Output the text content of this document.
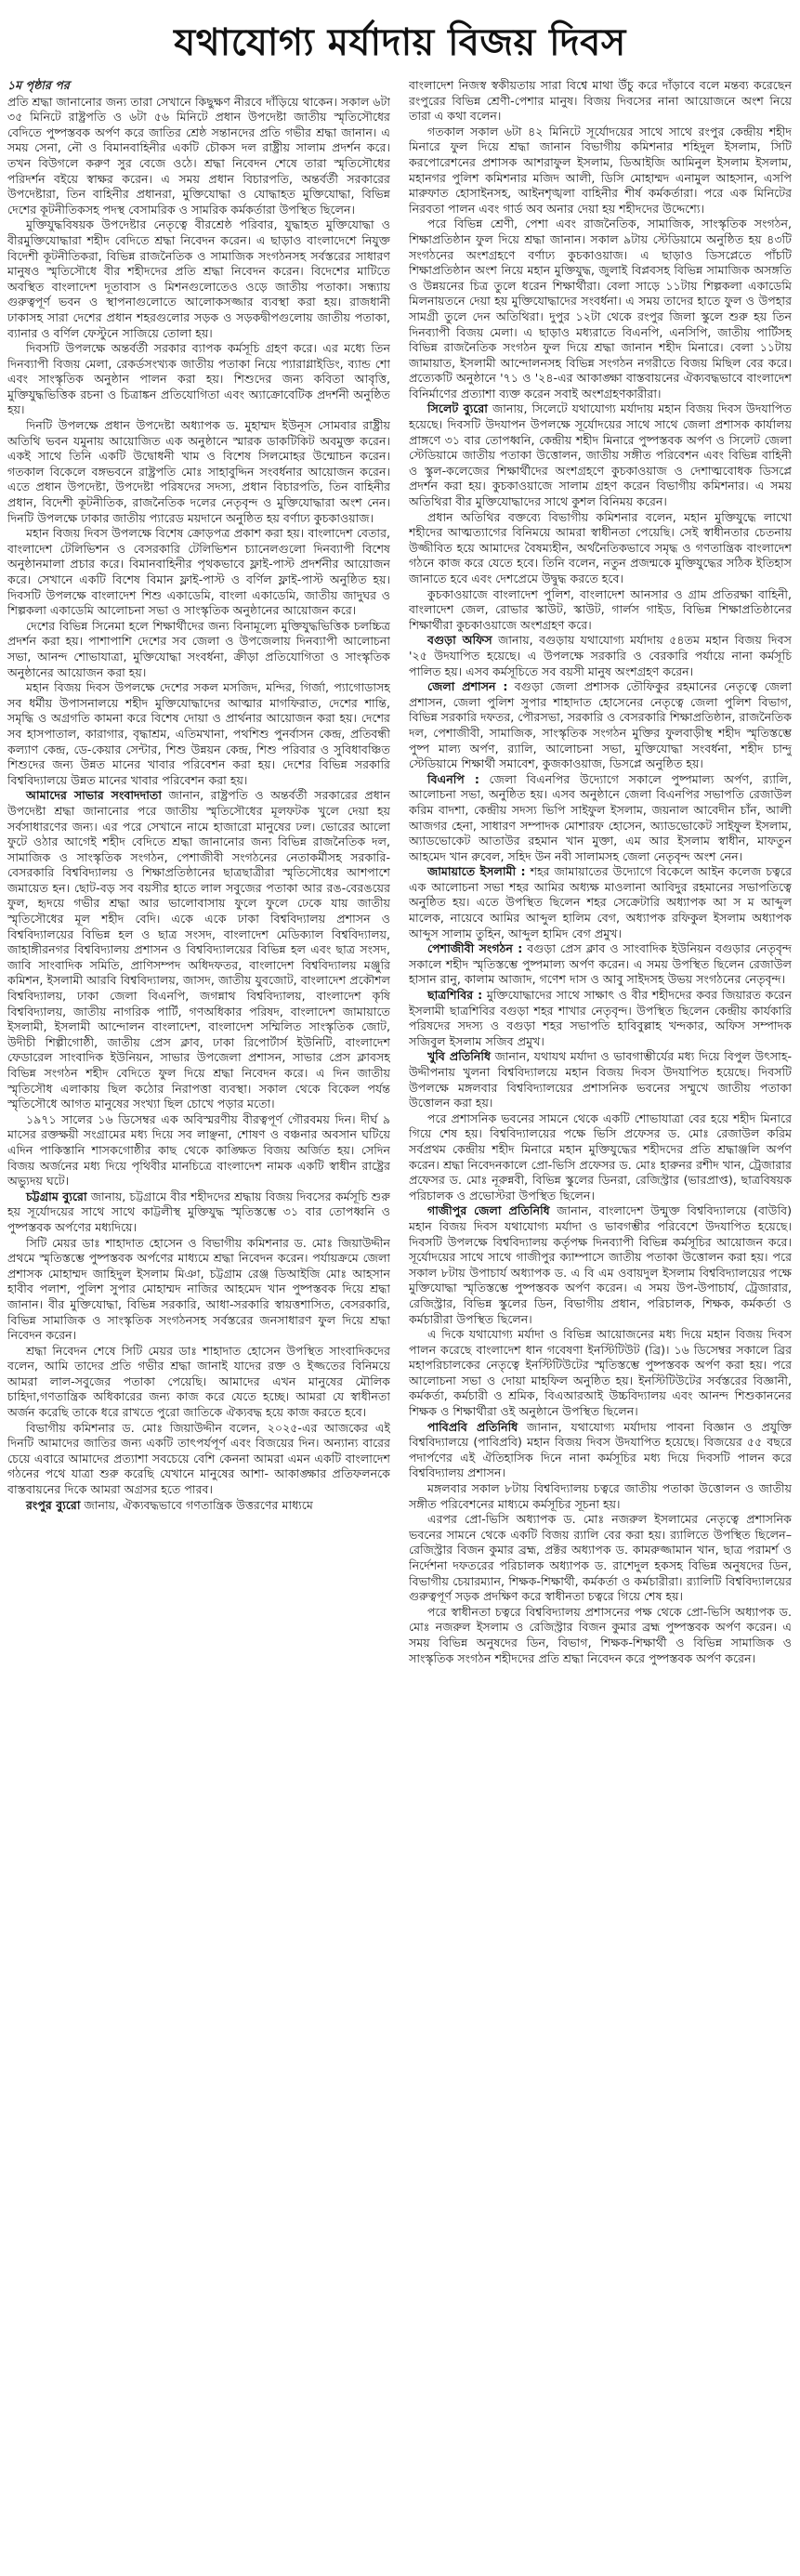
যথাযোগ্য মর্যাদায় বিজয় দিবস
১ম পৃষ্ঠার পর

প্রতি শ্রদ্ধা জানানোর জন্য তারা সেখানে কিছুক্ষণ নীরবে দাঁড়িয়ে থাকেন। সকাল ৬টা ৩৫ মিনিটে রাষ্ট্রপতি ও ৬টা ৫৬ মিনিটে প্রধান উপদেষ্টা জাতীয় স্মৃতিসৌধের বেদিতে পুষ্পস্তবক অর্পণ করে জাতির শ্রেষ্ঠ সন্তানদের প্রতি গভীর শ্রদ্ধা জানান। এ সময় সেনা, নৌ ও বিমানবাহিনীর একটি চৌকস দল রাষ্ট্রীয় সালাম প্রদর্শন করে। তখন বিউগলে করুণ সুর বেজে ওঠে। শ্রদ্ধা নিবেদন শেষে তারা স্মৃতিসৌধের পরিদর্শন বইয়ে স্বাক্ষর করেন। এ সময় প্রধান বিচারপতি, অন্তর্বর্তী সরকারের উপদেষ্টারা, তিন বাহিনীর প্রধানরা, মুক্তিযোদ্ধা ও যোদ্ধাহত মুক্তিযোদ্ধা, বিভিন্ন দেশের কূটনীতিকসহ পদস্থ বেসামরিক ও সামরিক কর্মকর্তারা উপস্থিত ছিলেন।

মুক্তিযুদ্ধবিষয়ক উপদেষ্টার নেতৃত্বে বীরশ্রেষ্ঠ পরিবার, যুদ্ধাহত মুক্তিযোদ্ধা ও বীরমুক্তিযোদ্ধারা শহীদ বেদিতে শ্রদ্ধা নিবেদন করেন। এ ছাড়াও বাংলাদেশে নিযুক্ত বিদেশী কূটনীতিকরা, বিভিন্ন রাজনৈতিক ও সামাজিক সংগঠনসহ সর্বস্তরের সাধারণ মানুষও স্মৃতিসৌধে বীর শহীদদের প্রতি শ্রদ্ধা নিবেদন করেন। বিদেশের মাটিতে অবস্থিত বাংলাদেশ দূতাবাস ও মিশনগুলোতেও ওড়ে জাতীয় পতাকা। সন্ধ্যায় গুরুত্বপূর্ণ ভবন ও স্থাপনাগুলোতে আলোকসজ্জার ব্যবস্থা করা হয়। রাজধানী ঢাকাসহ সারা দেশের প্রধান শহরগুলোর সড়ক ও সড়কদ্বীপগুলোয় জাতীয় পতাকা, ব্যানার ও বর্ণিল ফেস্টুনে সাজিয়ে তোলা হয়।

দিবসটি উপলক্ষে অন্তর্বর্তী সরকার ব্যাপক কর্মসূচি গ্রহণ করে। এর মধ্যে তিন দিনব্যাপী বিজয় মেলা, রেকর্ডসংখ্যক জাতীয় পতাকা নিয়ে প্যারাগ্লাইডিং, ব্যান্ড শো এবং সাংস্কৃতিক অনুষ্ঠান পালন করা হয়। শিশুদের জন্য কবিতা আবৃত্তি, মুক্তিযুদ্ধভিত্তিক রচনা ও চিত্রাঙ্কন প্রতিযোগিতা এবং অ্যাক্রোবেটিক প্রদর্শনী অনুষ্ঠিত হয়।

দিনটি উপলক্ষে প্রধান উপদেষ্টা অধ্যাপক ড. মুহাম্মদ ইউনূস সোমবার রাষ্ট্রীয় অতিথি ভবন যমুনায় আয়োজিত এক অনুষ্ঠানে স্মারক ডাকটিকিট অবমুক্ত করেন। একই সাথে তিনি একটি উদ্বোধনী খাম ও বিশেষ সিলমোহর উন্মোচন করেন। গতকাল বিকেলে বঙ্গভবনে রাষ্ট্রপতি মোঃ সাহাবুদ্দিন সংবর্ধনার আয়োজন করেন। এতে প্রধান উপদেষ্টা, উপদেষ্টা পরিষদের সদস্য, প্রধান বিচারপতি, তিন বাহিনীর প্রধান, বিদেশী কূটনীতিক, রাজনৈতিক দলের নেতৃবৃন্দ ও মুক্তিযোদ্ধারা অংশ নেন। দিনটি উপলক্ষে ঢাকার জাতীয় প্যারেড ময়দানে অনুষ্ঠিত হয় বর্ণাঢ্য কুচকাওয়াজ।

মহান বিজয় দিবস উপলক্ষে বিশেষ ক্রোড়পত্র প্রকাশ করা হয়। বাংলাদেশ বেতার, বাংলাদেশ টেলিভিশন ও বেসরকারি টেলিভিশন চ্যানেলগুলো দিনব্যাপী বিশেষ অনুষ্ঠানমালা প্রচার করে। বিমানবাহিনীর পৃথকভাবে ফ্লাই-পাস্ট প্রদর্শনীর আয়োজন করে। সেখানে একটি বিশেষ বিমান ফ্লাই-পাস্ট ও বর্ণিল ফ্লাই-পাস্ট অনুষ্ঠিত হয়। দিবসটি উপলক্ষে বাংলাদেশ শিশু একাডেমি, বাংলা একাডেমি, জাতীয় জাদুঘর ও শিল্পকলা একাডেমি আলোচনা সভা ও সাংস্কৃতিক অনুষ্ঠানের আয়োজন করে।

দেশের বিভিন্ন সিনেমা হলে শিক্ষার্থীদের জন্য বিনামূল্যে মুক্তিযুদ্ধভিত্তিক চলচ্চিত্র প্রদর্শন করা হয়। পাশাপাশি দেশের সব জেলা ও উপজেলায় দিনব্যাপী আলোচনা সভা, আনন্দ শোভাযাত্রা, মুক্তিযোদ্ধা সংবর্ধনা, ক্রীড়া প্রতিযোগিতা ও সাংস্কৃতিক অনুষ্ঠানের আয়োজন করা হয়।

মহান বিজয় দিবস উপলক্ষে দেশের সকল মসজিদ, মন্দির, গির্জা, প্যাগোডাসহ সব ধর্মীয় উপাসনালয়ে শহীদ মুক্তিযোদ্ধাদের আত্মার মাগফিরাত, দেশের শান্তি, সমৃদ্ধি ও অগ্রগতি কামনা করে বিশেষ দোয়া ও প্রার্থনার আয়োজন করা হয়। দেশের সব হাসপাতাল, কারাগার, বৃদ্ধাশ্রম, এতিমখানা, পথশিশু পুনর্বাসন কেন্দ্র, প্রতিবন্ধী কল্যাণ কেন্দ্র, ডে-কেয়ার সেন্টার, শিশু উন্নয়ন কেন্দ্র, শিশু পরিবার ও সুবিধাবঞ্চিত শিশুদের জন্য উন্নত মানের খাবার পরিবেশন করা হয়। দেশের বিভিন্ন সরকারি বিশ্ববিদ্যালয়ে উন্নত মানের খাবার পরিবেশন করা হয়।

আমাদের সাভার সংবাদদাতা জানান, রাষ্ট্রপতি ও অন্তর্বর্তী সরকারের প্রধান উপদেষ্টা শ্রদ্ধা জানানোর পরে জাতীয় স্মৃতিসৌধের মূলফটক খুলে দেয়া হয় সর্বসাধারণের জন্য। এর পরে সেখানে নামে হাজারো মানুষের ঢল। ভোরের আলো ফুটে ওঠার আগেই শহীদ বেদিতে শ্রদ্ধা জানানোর জন্য বিভিন্ন রাজনৈতিক দল, সামাজিক ও সাংস্কৃতিক সংগঠন, পেশাজীবী সংগঠনের নেতাকর্মীসহ সরকারি-বেসরকারি বিশ্ববিদ্যালয় ও শিক্ষাপ্রতিষ্ঠানের ছাত্রছাত্রীরা স্মৃতিসৌধের আশপাশে জমায়েত হন। ছোট-বড় সব বয়সীর হাতে লাল সবুজের পতাকা আর রঙ-বেরঙয়ের ফুল, হৃদয়ে গভীর শ্রদ্ধা আর ভালোবাসায় ফুলে ফুলে ঢেকে যায় জাতীয় স্মৃতিসৌধের মূল শহীদ বেদি। একে একে ঢাকা বিশ্ববিদ্যালয় প্রশাসন ও বিশ্ববিদ্যালয়ের বিভিন্ন হল ও ছাত্র সংসদ, বাংলাদেশ মেডিক্যাল বিশ্ববিদ্যালয়, জাহাঙ্গীরনগর বিশ্ববিদ্যালয় প্রশাসন ও বিশ্ববিদ্যালয়ের বিভিন্ন হল এবং ছাত্র সংসদ, জাবি সাংবাদিক সমিতি, প্রাণিসম্পদ অধিদফতর, বাংলাদেশ বিশ্ববিদ্যালয় মঞ্জুরি কমিশন, ইসলামী আরবি বিশ্ববিদ্যালয়, জাসদ, জাতীয় যুবজোট, বাংলাদেশ প্রকৌশল বিশ্ববিদ্যালয়, ঢাকা জেলা বিএনপি, জগন্নাথ বিশ্ববিদ্যালয়, বাংলাদেশ কৃষি বিশ্ববিদ্যালয়, জাতীয় নাগরিক পার্টি, গণঅধিকার পরিষদ, বাংলাদেশ জামায়াতে ইসলামী, ইসলামী আন্দোলন বাংলাদেশ, বাংলাদেশ সম্মিলিত সাংস্কৃতিক জোট, উদীচী শিল্পীগোষ্ঠী, জাতীয় প্রেস ক্লাব, ঢাকা রিপোর্টার্স ইউনিটি, বাংলাদেশ ফেডারেল সাংবাদিক ইউনিয়ন, সাভার উপজেলা প্রশাসন, সাভার প্রেস ক্লাবসহ বিভিন্ন সংগঠন শহীদ বেদিতে ফুল দিয়ে শ্রদ্ধা নিবেদন করে। এ দিন জাতীয় স্মৃতিসৌধ এলাকায় ছিল কঠোর নিরাপত্তা ব্যবস্থা। সকাল থেকে বিকেল পর্যন্ত স্মৃতিসৌধে আগত মানুষের সংখ্যা ছিল চোখে পড়ার মতো।

১৯৭১ সালের ১৬ ডিসেম্বর এক অবিস্মরণীয় বীরত্বপূর্ণ গৌরবময় দিন। দীর্ঘ ৯ মাসের রক্তক্ষয়ী সংগ্রামের মধ্য দিয়ে সব লাঞ্ছনা, শোষণ ও বঞ্চনার অবসান ঘটিয়ে এদিন পাকিস্তানি শাসকগোষ্ঠীর কাছ থেকে কাঙ্ক্ষিত বিজয় অর্জিত হয়। সেদিন বিজয় অর্জনের মধ্য দিয়ে পৃথিবীর মানচিত্রে বাংলাদেশ নামক একটি স্বাধীন রাষ্ট্রের অভ্যুদয় ঘটে।

চট্টগ্রাম ব্যুরো জানায়, চট্টগ্রামে বীর শহীদদের শ্রদ্ধায় বিজয় দিবসের কর্মসূচি শুরু হয় সূর্যোদয়ের সাথে সাথে কাট্টলীস্থ মুক্তিযুদ্ধ স্মৃতিস্তম্ভে ৩১ বার তোপধ্বনি ও পুষ্পস্তবক অর্পণের মধ্যদিয়ে।

সিটি মেয়র ডাঃ শাহাদাত হোসেন ও বিভাগীয় কমিশনার ড. মোঃ জিয়াউদ্দীন প্রথমে স্মৃতিস্তম্ভে পুষ্পস্তবক অর্পণের মাধ্যমে শ্রদ্ধা নিবেদন করেন। পর্যায়ক্রমে জেলা প্রশাসক মোহাম্মদ জাহিদুল ইসলাম মিঞা, চট্টগ্রাম রেঞ্জ ডিআইজি মোঃ আহসান হাবীব পলাশ, পুলিশ সুপার মোহাম্মদ নাজির আহমেদ খান পুষ্পস্তবক দিয়ে শ্রদ্ধা জানান। বীর মুক্তিযোদ্ধা, বিভিন্ন সরকারি, আধা-সরকারি স্বায়ত্তশাসিত, বেসরকারি, বিভিন্ন সামাজিক ও সাংস্কৃতিক সংগঠনসহ সর্বস্তরের জনসাধারণ ফুল দিয়ে শ্রদ্ধা নিবেদন করেন।

শ্রদ্ধা নিবেদন শেষে সিটি মেয়র ডাঃ শাহাদাত হোসেন উপস্থিত সাংবাদিকদের বলেন, আমি তাদের প্রতি গভীর শ্রদ্ধা জানাই যাদের রক্ত ও ইজ্জতের বিনিময়ে আমরা লাল-সবুজের পতাকা পেয়েছি। আমাদের এখন মানুষের মৌলিক চাহিদা,গণতান্ত্রিক অধিকারের জন্য কাজ করে যেতে হচ্ছে। আমরা যে স্বাধীনতা অর্জন করেছি তাকে ধরে রাখতে পুরো জাতিকে ঐক্যবদ্ধ হয়ে কাজ করতে হবে।

বিভাগীয় কমিশনার ড. মোঃ জিয়াউদ্দীন বলেন, ২০২৫-এর আজকের এই দিনটি আমাদের জাতির জন্য একটি তাৎপর্যপূর্ণ এবং বিজয়ের দিন। অন্যান্য বারের চেয়ে এবারে আমাদের প্রত্যাশা সবচেয়ে বেশি কেননা আমরা এমন একটি বাংলাদেশ গঠনের পথে যাত্রা শুরু করেছি যেখানে মানুষের আশা- আকাঙ্ক্ষার প্রতিফলনকে বাস্তবায়নের দিকে আমরা অগ্রসর হতে পারব।

রংপুর ব্যুরো জানায়, ঐক্যবদ্ধভাবে গণতান্ত্রিক উত্তরণের মাধ্যমে

বাংলাদেশ নিজস্ব স্বকীয়তায় সারা বিশ্বে মাথা উঁচু করে দাঁড়াবে বলে মন্তব্য করেছেন রংপুরের বিভিন্ন শ্রেণী-পেশার মানুষ। বিজয় দিবসের নানা আয়োজনে অংশ নিয়ে তারা এ কথা বলেন।

গতকাল সকাল ৬টা ৪২ মিনিটে সূর্যোদয়ের সাথে সাথে রংপুর কেন্দ্রীয় শহীদ মিনারে ফুল দিয়ে শ্রদ্ধা জানান বিভাগীয় কমিশনার শহিদুল ইসলাম, সিটি করপোরেশনের প্রশাসক আশরাফুল ইসলাম, ডিআইজি আমিনুল ইসলাম ইসলাম, মহানগর পুলিশ কমিশনার মজিদ আলী, ডিসি মোহাম্মদ এনামুল আহসান, এসপি মারুফাত হোসাইনসহ, আইনশৃঙ্খলা বাহিনীর শীর্ষ কর্মকর্তারা। পরে এক মিনিটের নিরবতা পালন এবং গার্ড অব অনার দেয়া হয় শহীদদের উদ্দেশ্যে।

পরে বিভিন্ন শ্রেণী, পেশা এবং রাজনৈতিক, সামাজিক, সাংস্কৃতিক সংগঠন, শিক্ষাপ্রতিষ্ঠান ফুল দিয়ে শ্রদ্ধা জানান। সকাল ৯টায় স্টেডিয়ামে অনুষ্ঠিত হয় ৪৩টি সংগঠনের অংশগ্রহণে বর্ণাঢ্য কুচকাওয়াজ। এ ছাড়াও ডিসপ্লেতে পাঁচটি শিক্ষাপ্রতিষ্ঠান অংশ নিয়ে মহান মুক্তিযুদ্ধ, জুলাই বিপ্লবসহ বিভিন্ন সামাজিক অসঙ্গতি ও উন্নয়নের চিত্র তুলে ধরেন শিক্ষার্থীরা। বেলা সাড়ে ১১টায় শিল্পকলা একাডেমি মিলনায়তনে দেয়া হয় মুক্তিযোদ্ধাদের সংবর্ধনা। এ সময় তাদের হাতে ফুল ও উপহার সামগ্রী তুলে দেন অতিথিরা। দুপুর ১২টা থেকে রংপুর জিলা স্কুলে শুরু হয় তিন দিনব্যাপী বিজয় মেলা। এ ছাড়াও মধ্যরাতে বিএনপি, এনসিপি, জাতীয় পার্টিসহ বিভিন্ন রাজনৈতিক সংগঠন ফুল দিয়ে শ্রদ্ধা জানান শহীদ মিনারে। বেলা ১১টায় জামায়াত, ইসলামী আন্দোলনসহ বিভিন্ন সংগঠন নগরীতে বিজয় মিছিল বের করে। প্রত্যেকটি অনুষ্ঠানে '৭১ ও '২৪-এর আকাঙ্ক্ষা বাস্তবায়নের ঐক্যবদ্ধভাবে বাংলাদেশ বিনির্মাণের প্রত্যাশা ব্যক্ত করেন সবাই অংশগ্রহণকারীরা।

সিলেট ব্যুরো জানায়, সিলেটে যথাযোগ্য মর্যাদায় মহান বিজয় দিবস উদযাপিত হয়েছে। দিবসটি উদযাপন উপলক্ষে সূর্যোদয়ের সাথে সাথে জেলা প্রশাসক কার্যালয় প্রাঙ্গণে ৩১ বার তোপধ্বনি, কেন্দ্রীয় শহীদ মিনারে পুষ্পস্তবক অর্পণ ও সিলেট জেলা স্টেডিয়ামে জাতীয় পতাকা উত্তোলন, জাতীয় সঙ্গীত পরিবেশন এবং বিভিন্ন বাহিনী ও স্কুল-কলেজের শিক্ষার্থীদের অংশগ্রহণে কুচকাওয়াজ ও দেশাত্মবোধক ডিসপ্লে প্রদর্শন করা হয়। কুচকাওয়াজে সালাম গ্রহণ করেন বিভাগীয় কমিশনার। এ সময় অতিথিরা বীর মুক্তিযোদ্ধাদের সাথে কুশল বিনিময় করেন।

প্রধান অতিথির বক্তব্যে বিভাগীয় কমিশনার বলেন, মহান মুক্তিযুদ্ধে লাখো শহীদের আত্মত্যাগের বিনিময়ে আমরা স্বাধীনতা পেয়েছি। সেই স্বাধীনতার চেতনায় উজ্জীবিত হয়ে আমাদের বৈষম্যহীন, অর্থনৈতিকভাবে সমৃদ্ধ ও গণতান্ত্রিক বাংলাদেশ গঠনে কাজ করে যেতে হবে। তিনি বলেন, নতুন প্রজন্মকে মুক্তিযুদ্ধের সঠিক ইতিহাস জানাতে হবে এবং দেশপ্রেমে উদ্বুদ্ধ করতে হবে।

কুচকাওয়াজে বাংলাদেশ পুলিশ, বাংলাদেশ আনসার ও গ্রাম প্রতিরক্ষা বাহিনী, বাংলাদেশ জেল, রোভার স্কাউট, স্কাউট, গার্লস গাইড, বিভিন্ন শিক্ষাপ্রতিষ্ঠানের শিক্ষার্থীরা কুচকাওয়াজে অংশগ্রহণ করে।

বগুড়া অফিস জানায়, বগুড়ায় যথাযোগ্য মর্যাদায় ৫৪তম মহান বিজয় দিবস '২৫ উদযাপিত হয়েছে। এ উপলক্ষে সরকারি ও বেরকারি পর্যায়ে নানা কর্মসূচি পালিত হয়। এসব কর্মসূচিতে সব বয়সী মানুষ অংশগ্রহণ করেন।

জেলা প্রশাসন : বগুড়া জেলা প্রশাসক তৌফিকুর রহমানের নেতৃত্বে জেলা প্রশাসন, জেলা পুলিশ সুপার শাহাদাত হোসেনের নেতৃত্বে জেলা পুলিশ বিভাগ, বিভিন্ন সরকারি দফতর, পৌরসভা, সরকারি ও বেসরকারি শিক্ষাপ্রতিষ্ঠান, রাজনৈতিক দল, পেশাজীবী, সামাজিক, সাংস্কৃতিক সংগঠন মুক্তির ফুলবাড়ীস্থ শহীদ স্মৃতিস্তম্ভে পুষ্প মাল্য অর্পণ, র‍্যালি, আলোচনা সভা, মুক্তিযোদ্ধা সংবর্ধনা, শহীদ চান্দু স্টেডিয়ামে শিক্ষার্থী সমাবেশ, কুজকাওয়াজ, ডিসপ্লে অনুষ্ঠিত হয়।

বিএনপি : জেলা বিএনপির উদ্যোগে সকালে পুষ্পমাল্য অর্পণ, র‍্যালি, আলোচনা সভা, অনুষ্ঠিত হয়। এসব অনুষ্ঠানে জেলা বিএনপির সভাপতি রেজাউল করিম বাদশা, কেন্দ্রীয় সদস্য ভিপি সাইফুল ইসলাম, জয়নাল আবেদীন চাঁন, আলী আজগর হেনা, সাধারণ সম্পাদক মোশারফ হোসেন, অ্যাডভোকেট সাইফুল ইসলাম, অ্যাডভোকেট আতাউর রহমান খান মুক্তা, এম আর ইসলাম স্বাধীন, মাফতুন আহমেদ খান রুবেল, সহিদ উন নবী সালামসহ জেলা নেতৃবৃন্দ অংশ নেন।

জামায়াতে ইসলামী : শহর জামায়াতের উদ্যোগে বিকেলে আইন কলেজ চত্বরে এক আলোচনা সভা শহর আমির অধ্যক্ষ মাওলানা আবিদুর রহমানের সভাপতিত্বে অনুষ্ঠিত হয়। এতে উপস্থিত ছিলেন শহর সেক্রেটারি অধ্যাপক আ স ম আব্দুল মালেক, নায়েবে আমির আব্দুল হালিম বেগ, অধ্যাপক রফিকুল ইসলাম অধ্যাপক আব্দুস সালাম তুহিন, আব্দুল হামিদ বেগ প্রমুখ।

পেশাজীবী সংগঠন : বগুড়া প্রেস ক্লাব ও সাংবাদিক ইউনিয়ন বগুড়ার নেতৃবৃন্দ সকালে শহীদ স্মৃতিস্তম্ভে পুষ্পমাল্য অর্পণ করেন। এ সময় উপস্থিত ছিলেন রেজাউল হাসান রানু, কালাম আজাদ, গণেশ দাস ও আবু সাইদসহ উভয় সংগঠনের নেতৃবৃন্দ।

ছাত্রশিবির : মুক্তিযোদ্ধাদের সাথে সাক্ষাৎ ও বীর শহীদদের কবর জিয়ারত করেন ইসলামী ছাত্রশিবির বগুড়া শহর শাখার নেতৃবৃন্দ। উপস্থিত ছিলেন কেন্দ্রীয় কার্যকারি পরিষদের সদস্য ও বগুড়া শহর সভাপতি হাবিবুল্লাহ খন্দকার, অফিস সম্পাদক সজিবুল ইসলাম সজিব প্রমুখ।

খুবি প্রতিনিধি জানান, যথাযথ মর্যাদা ও ভাবগাম্ভীর্যের মধ্য দিয়ে বিপুল উৎসাহ- উদ্দীপনায় খুলনা বিশ্ববিদ্যালয়ে মহান বিজয় দিবস উদযাপিত হয়েছে। দিবসটি উপলক্ষে মঙ্গলবার বিশ্ববিদ্যালয়ের প্রশাসনিক ভবনের সম্মুখে জাতীয় পতাকা উত্তোলন করা হয়।

পরে প্রশাসনিক ভবনের সামনে থেকে একটি শোভাযাত্রা বের হয়ে শহীদ মিনারে গিয়ে শেষ হয়। বিশ্ববিদ্যালয়ের পক্ষে ভিসি প্রফেসর ড. মোঃ রেজাউল করিম সর্বপ্রথম কেন্দ্রীয় শহীদ মিনারে মহান মুক্তিযুদ্ধের শহীদদের প্রতি শ্রদ্ধাঞ্জলি অর্পণ করেন। শ্রদ্ধা নিবেদনকালে প্রো-ভিসি প্রফেসর ড. মোঃ হারুনর রশীদ খান, ট্রেজারার প্রফেসর ড. মোঃ নূরুন্নবী, বিভিন্ন স্কুলের ডিনরা, রেজিস্ট্রার (ভারপ্রাপ্ত), ছাত্রবিষয়ক পরিচালক ও প্রভোস্টরা উপস্থিত ছিলেন।

গাজীপুর জেলা প্রতিনিধি জানান, বাংলাদেশ উন্মুক্ত বিশ্ববিদ্যালয়ে (বাউবি) মহান বিজয় দিবস যথাযোগ্য মর্যাদা ও ভাবগম্ভীর পরিবেশে উদযাপিত হয়েছে। দিবসটি উপলক্ষে বিশ্ববিদ্যালয় কর্তৃপক্ষ দিনব্যাপী বিভিন্ন কর্মসূচির আয়োজন করে। সূর্যোদয়ের সাথে সাথে গাজীপুর ক্যাম্পাসে জাতীয় পতাকা উত্তোলন করা হয়। পরে সকাল ৮টায় উপাচার্য অধ্যাপক ড. এ বি এম ওবায়দুল ইসলাম বিশ্ববিদ্যালয়ের পক্ষে মুক্তিযোদ্ধা স্মৃতিস্তম্ভে পুষ্পস্তবক অর্পণ করেন। এ সময় উপ-উপাচার্য, ট্রেজারার, রেজিস্ট্রার, বিভিন্ন স্কুলের ডিন, বিভাগীয় প্রধান, পরিচালক, শিক্ষক, কর্মকর্তা ও কর্মচারীরা উপস্থিত ছিলেন।

এ দিকে যথাযোগ্য মর্যাদা ও বিভিন্ন আয়োজনের মধ্য দিয়ে মহান বিজয় দিবস পালন করেছে বাংলাদেশ ধান গবেষণা ইনস্টিটিউট (ব্রি)। ১৬ ডিসেম্বর সকালে ব্রির মহাপরিচালকের নেতৃত্বে ইনস্টিটিউটের স্মৃতিস্তম্ভে পুষ্পস্তবক অর্পণ করা হয়। পরে আলোচনা সভা ও দোয়া মাহফিল অনুষ্ঠিত হয়। ইনস্টিটিউটের সর্বস্তরের বিজ্ঞানী, কর্মকর্তা, কর্মচারী ও শ্রমিক, বিএআরআই উচ্চবিদ্যালয় এবং আনন্দ শিশুকাননের শিক্ষক ও শিক্ষার্থীরা ওই অনুষ্ঠানে উপস্থিত ছিলেন।

পাবিপ্রবি প্রতিনিধি জানান, যথাযোগ্য মর্যাদায় পাবনা বিজ্ঞান ও প্রযুক্তি বিশ্ববিদ্যালয়ে (পাবিপ্রবি) মহান বিজয় দিবস উদযাপিত হয়েছে। বিজয়ের ৫৫ বছরে পদার্পণের এই ঐতিহাসিক দিনে নানা কর্মসূচির মধ্য দিয়ে দিবসটি পালন করে বিশ্ববিদ্যালয় প্রশাসন।

মঙ্গলবার সকাল ৮টায় বিশ্ববিদ্যালয় চত্বরে জাতীয় পতাকা উত্তোলন ও জাতীয় সঙ্গীত পরিবেশনের মাধ্যমে কর্মসূচির সূচনা হয়।

এরপর প্রো-ভিসি অধ্যাপক ড. মোঃ নজরুল ইসলামের নেতৃত্বে প্রশাসনিক ভবনের সামনে থেকে একটি বিজয় র‍্যালি বের করা হয়। র‍্যালিতে উপস্থিত ছিলেন– রেজিস্ট্রার বিজন কুমার ব্রহ্ম, প্রক্টর অধ্যাপক ড. কামরুজ্জামান খান, ছাত্র পরামর্শ ও নির্দেশনা দফতরের পরিচালক অধ্যাপক ড. রাশেদুল হকসহ বিভিন্ন অনুষদের ডিন, বিভাগীয় চেয়ারম্যান, শিক্ষক-শিক্ষার্থী, কর্মকর্তা ও কর্মচারীরা। র‍্যালিটি বিশ্ববিদ্যালয়ের গুরুত্বপূর্ণ সড়ক প্রদক্ষিণ করে স্বাধীনতা চত্বরে গিয়ে শেষ হয়।

পরে স্বাধীনতা চত্বরে বিশ্ববিদ্যালয় প্রশাসনের পক্ষ থেকে প্রো-ভিসি অধ্যাপক ড. মোঃ নজরুল ইসলাম ও রেজিস্ট্রার বিজন কুমার ব্রহ্ম পুষ্পস্তবক অর্পণ করেন। এ সময় বিভিন্ন অনুষদের ডিন, বিভাগ, শিক্ষক-শিক্ষার্থী ও বিভিন্ন সামাজিক ও সাংস্কৃতিক সংগঠন শহীদদের প্রতি শ্রদ্ধা নিবেদন করে পুষ্পস্তবক অর্পণ করেন।
